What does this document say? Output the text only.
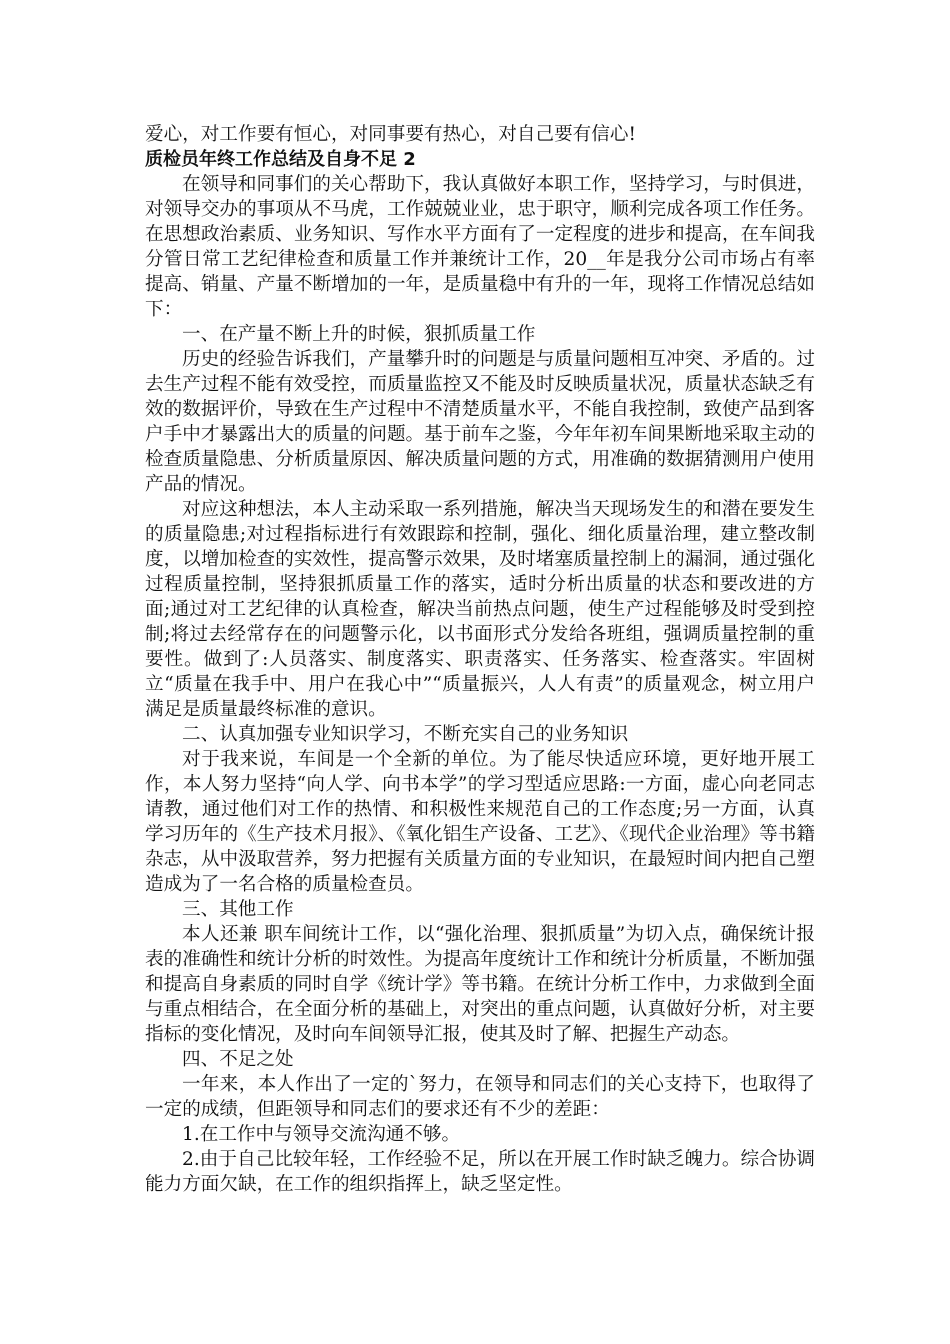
爱心，对工作要有恒心，对同事要有热心，对自己要有信心!

质检员年终工作总结及自身不足 2

在领导和同事们的关心帮助下，我认真做好本职工作，坚持学习，与时俱进，对领导交办的事项从不马虎，工作兢兢业业，忠于职守，顺利完成各项工作任务。在思想政治素质、业务知识、写作水平方面有了一定程度的进步和提高，在车间我分管日常工艺纪律检查和质量工作并兼统计工作，20__年是我分公司市场占有率提高、销量、产量不断增加的一年，是质量稳中有升的一年，现将工作情况总结如下：

一、在产量不断上升的时候，狠抓质量工作

历史的经验告诉我们，产量攀升时的问题是与质量问题相互冲突、矛盾的。过去生产过程不能有效受控，而质量监控又不能及时反映质量状况，质量状态缺乏有效的数据评价，导致在生产过程中不清楚质量水平，不能自我控制，致使产品到客户手中才暴露出大的质量的问题。基于前车之鉴，今年年初车间果断地采取主动的检查质量隐患、分析质量原因、解决质量问题的方式，用准确的数据猜测用户使用产品的情况。

对应这种想法，本人主动采取一系列措施，解决当天现场发生的和潜在要发生的质量隐患;对过程指标进行有效跟踪和控制，强化、细化质量治理，建立整改制度，以增加检查的实效性，提高警示效果，及时堵塞质量控制上的漏洞，通过强化过程质量控制，坚持狠抓质量工作的落实，适时分析出质量的状态和要改进的方面;通过对工艺纪律的认真检查，解决当前热点问题，使生产过程能够及时受到控制;将过去经常存在的问题警示化，以书面形式分发给各班组，强调质量控制的重要性。做到了:人员落实、制度落实、职责落实、任务落实、检查落实。牢固树立“质量在我手中、用户在我心中”“质量振兴，人人有责”的质量观念，树立用户满足是质量最终标准的意识。

二、认真加强专业知识学习，不断充实自己的业务知识

对于我来说，车间是一个全新的单位。为了能尽快适应环境，更好地开展工作，本人努力坚持“向人学、向书本学”的学习型适应思路:一方面，虚心向老同志请教，通过他们对工作的热情、和积极性来规范自己的工作态度;另一方面，认真学习历年的《生产技术月报》、《氧化铝生产设备、工艺》、《现代企业治理》等书籍杂志，从中汲取营养，努力把握有关质量方面的专业知识，在最短时间内把自己塑造成为了一名合格的质量检查员。

三、其他工作

本人还兼 职车间统计工作，以“强化治理、狠抓质量”为切入点，确保统计报表的准确性和统计分析的时效性。为提高年度统计工作和统计分析质量，不断加强和提高自身素质的同时自学《统计学》等书籍。在统计分析工作中，力求做到全面与重点相结合，在全面分析的基础上，对突出的重点问题，认真做好分析，对主要指标的变化情况，及时向车间领导汇报，使其及时了解、把握生产动态。

四、不足之处

一年来，本人作出了一定的`努力，在领导和同志们的关心支持下，也取得了一定的成绩，但距领导和同志们的要求还有不少的差距：

1.在工作中与领导交流沟通不够。

2.由于自己比较年轻，工作经验不足，所以在开展工作时缺乏魄力。综合协调能力方面欠缺，在工作的组织指挥上，缺乏坚定性。
